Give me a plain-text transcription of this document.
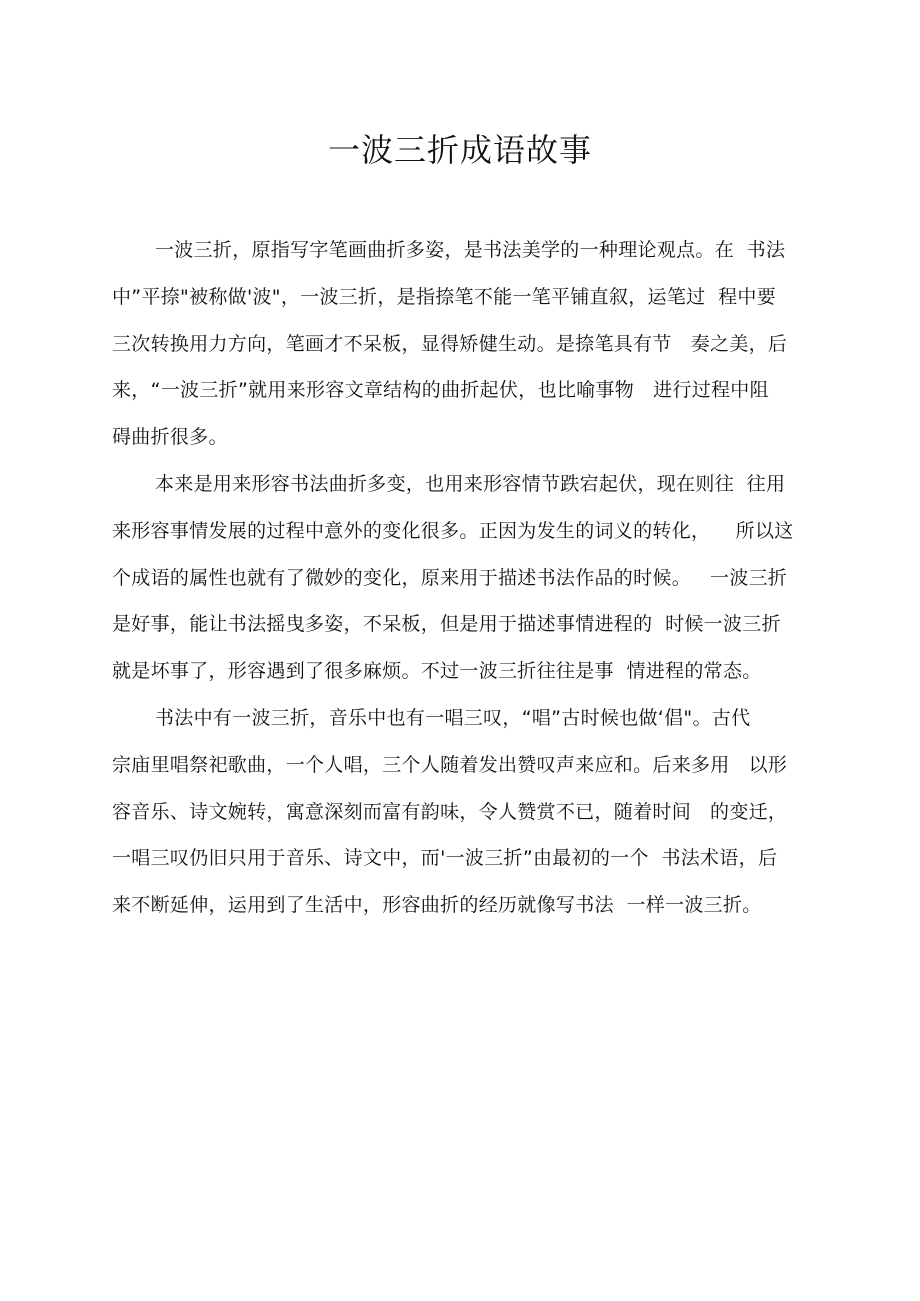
一波三折成语故事
一波三折，原指写字笔画曲折多姿，是书法美学的一种理论观点。在  书法
中”平捺"被称做'波"，一波三折，是指捺笔不能一笔平铺直叙，运笔过  程中要
三次转换用力方向，笔画才不呆板，显得矫健生动。是捺笔具有节   奏之美，后
来，“一波三折”就用来形容文章结构的曲折起伏，也比喻事物   进行过程中阻
碍曲折很多。
本来是用来形容书法曲折多变，也用来形容情节跌宕起伏，现在则往  往用
来形容事情发展的过程中意外的变化很多。正因为发生的词义的转化，    所以这
个成语的属性也就有了微妙的变化，原来用于描述书法作品的时候。   一波三折
是好事，能让书法摇曳多姿，不呆板，但是用于描述事情进程的  时候一波三折
就是坏事了，形容遇到了很多麻烦。不过一波三折往往是事  情进程的常态。
书法中有一波三折，音乐中也有一唱三叹，“唱”古时候也做‘倡"。古代
宗庙里唱祭祀歌曲，一个人唱，三个人随着发出赞叹声来应和。后来多用   以形
容音乐、诗文婉转，寓意深刻而富有韵味，令人赞赏不已，随着时间   的变迁，
一唱三叹仍旧只用于音乐、诗文中，而'一波三折”由最初的一个  书法术语，后
来不断延伸，运用到了生活中，形容曲折的经历就像写书法  一样一波三折。
